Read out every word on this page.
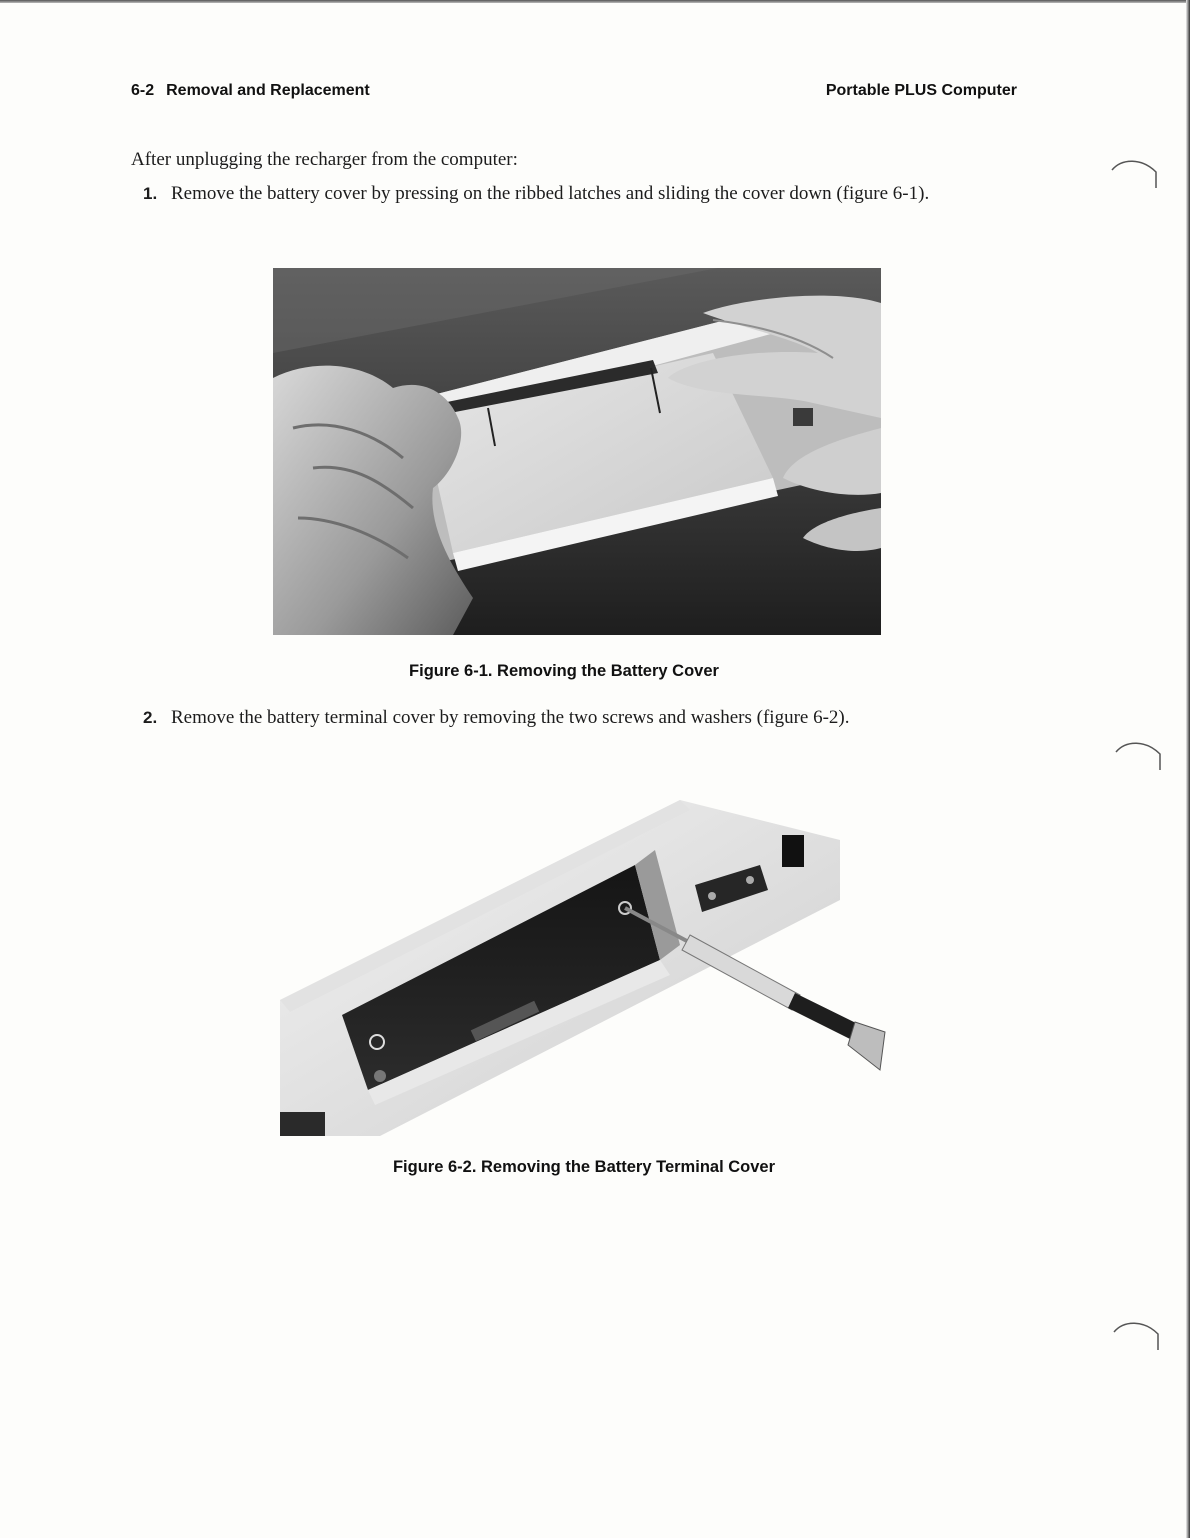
6-2 Removal and Replacement	Portable PLUS Computer
After unplugging the recharger from the computer:
1. Remove the battery cover by pressing on the ribbed latches and sliding the cover down (figure 6-1).
Figure 6-1. Removing the Battery Cover
2. Remove the battery terminal cover by removing the two screws and washers (figure 6-2).
Figure 6-2. Removing the Battery Terminal Cover
